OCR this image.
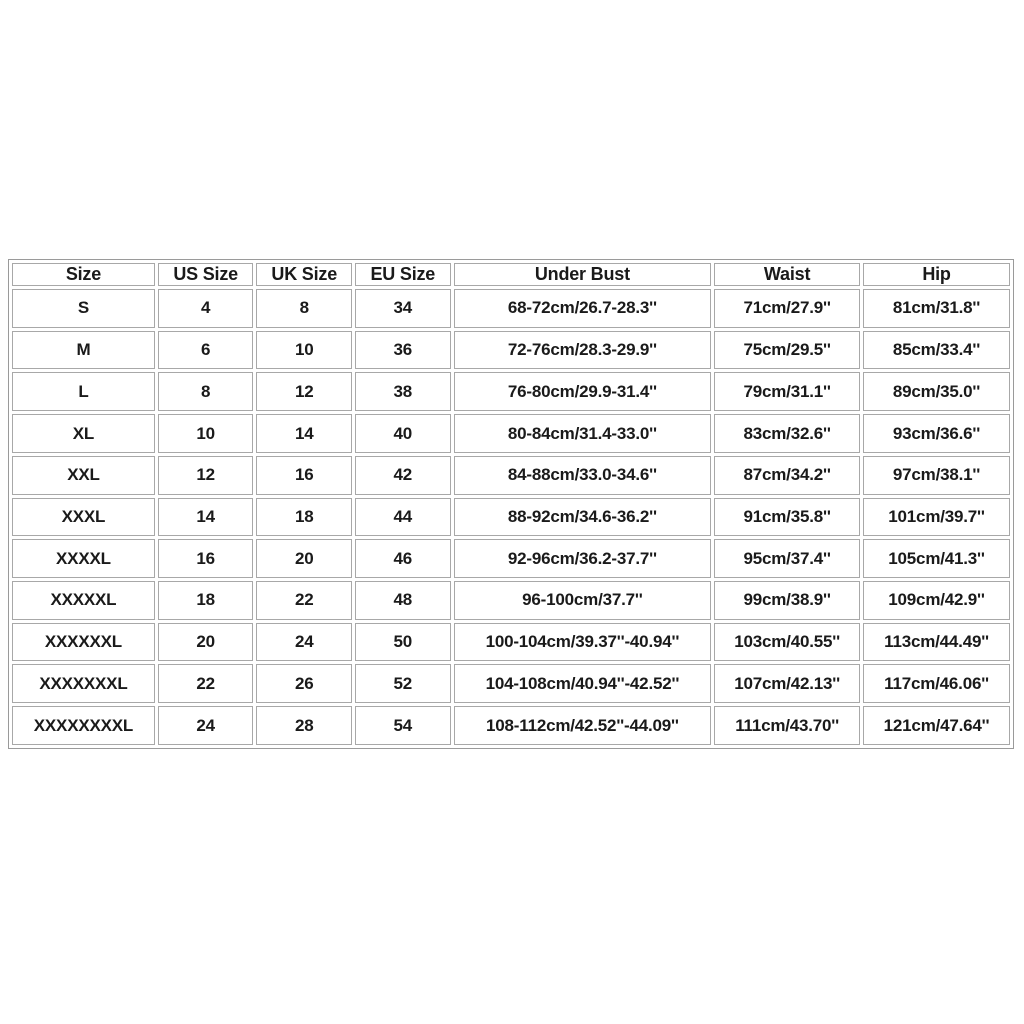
Size	US Size	UK Size	EU Size	Under Bust	Waist	Hip
S	4	8	34	68-72cm/26.7-28.3''	71cm/27.9''	81cm/31.8''
M	6	10	36	72-76cm/28.3-29.9''	75cm/29.5''	85cm/33.4''
L	8	12	38	76-80cm/29.9-31.4''	79cm/31.1''	89cm/35.0''
XL	10	14	40	80-84cm/31.4-33.0''	83cm/32.6''	93cm/36.6''
XXL	12	16	42	84-88cm/33.0-34.6''	87cm/34.2''	97cm/38.1''
XXXL	14	18	44	88-92cm/34.6-36.2''	91cm/35.8''	101cm/39.7''
XXXXL	16	20	46	92-96cm/36.2-37.7''	95cm/37.4''	105cm/41.3''
XXXXXL	18	22	48	96-100cm/37.7''	99cm/38.9''	109cm/42.9''
XXXXXXL	20	24	50	100-104cm/39.37''-40.94''	103cm/40.55''	113cm/44.49''
XXXXXXXL	22	26	52	104-108cm/40.94''-42.52''	107cm/42.13''	117cm/46.06''
XXXXXXXXL	24	28	54	108-112cm/42.52''-44.09''	111cm/43.70''	121cm/47.64''
